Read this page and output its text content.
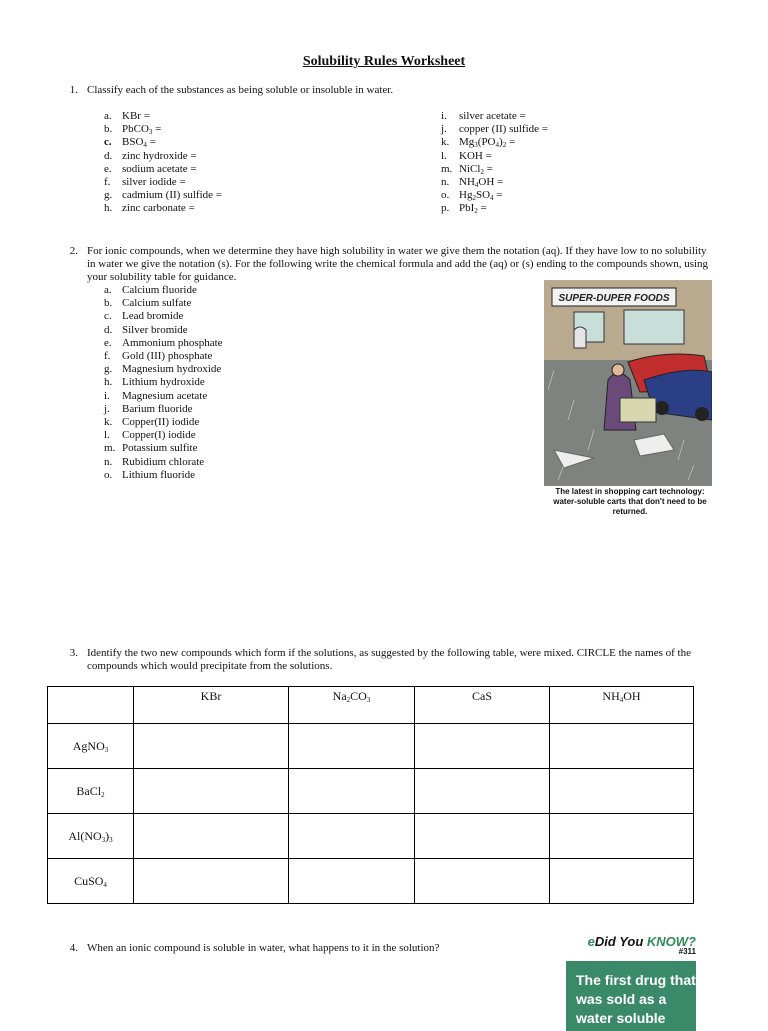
Solubility Rules Worksheet
1. Classify each of the substances as being soluble or insoluble in water.
a. KBr =
b. PbCO$_3$ =
c. $BSO_4$ =
d. zinc hydroxide =
e. sodium acetate =
f.	silver iodide =
g. cadmium (II) sulfide =
h. zinc carbonate =
i.	silver acetate =
j.	copper (II) sulfide =
k. $Mg_3(PO_4)_2$ =
l.	KOH =
m. NiCl$_2$ =
n. $NH_4OH$ =
o. $Hg_2SO_4$ =
p. PbI$_2$ =
2. For ionic compounds, when we determine they have high solubility in water we give them the notation (aq). If they have low to no solubility in water we give the notation (s). For the following write the chemical formula and add the (aq) or (s) ending to the compounds shown, using your solubility table for guidance.
a. Calcium fluoride
b. Calcium sulfate
c. Lead bromide
d. Silver bromide
e. Ammonium phosphate
f.	Gold (III) phosphate
g. Magnesium hydroxide
h. Lithium hydroxide
i.	Magnesium acetate
j.	Barium fluoride
k. Copper(II) iodide
l.	Copper(I) iodide
m. Potassium sulfite
n. Rubidium chlorate
o. Lithium fluoride
SUPER-DUPER FOODS
The latest in shopping cart technology: water-soluble carts that don't need to be returned.
3. Identify the two new compounds which form if the solutions, as suggested by the following table, were mixed. CIRCLE the names of the compounds which would precipitate from the solutions.
	KBr	$Na_2CO_3$	CaS	$NH_4OH$
AgNO$_3$				
BaCl$_2$				
$Al(NO_3)_3$				
CuSO$_4$				
4. When an ionic compound is soluble in water, what happens to it in the solution?	eDid You KNOW?
#311
The first drug that was sold as a water soluble
